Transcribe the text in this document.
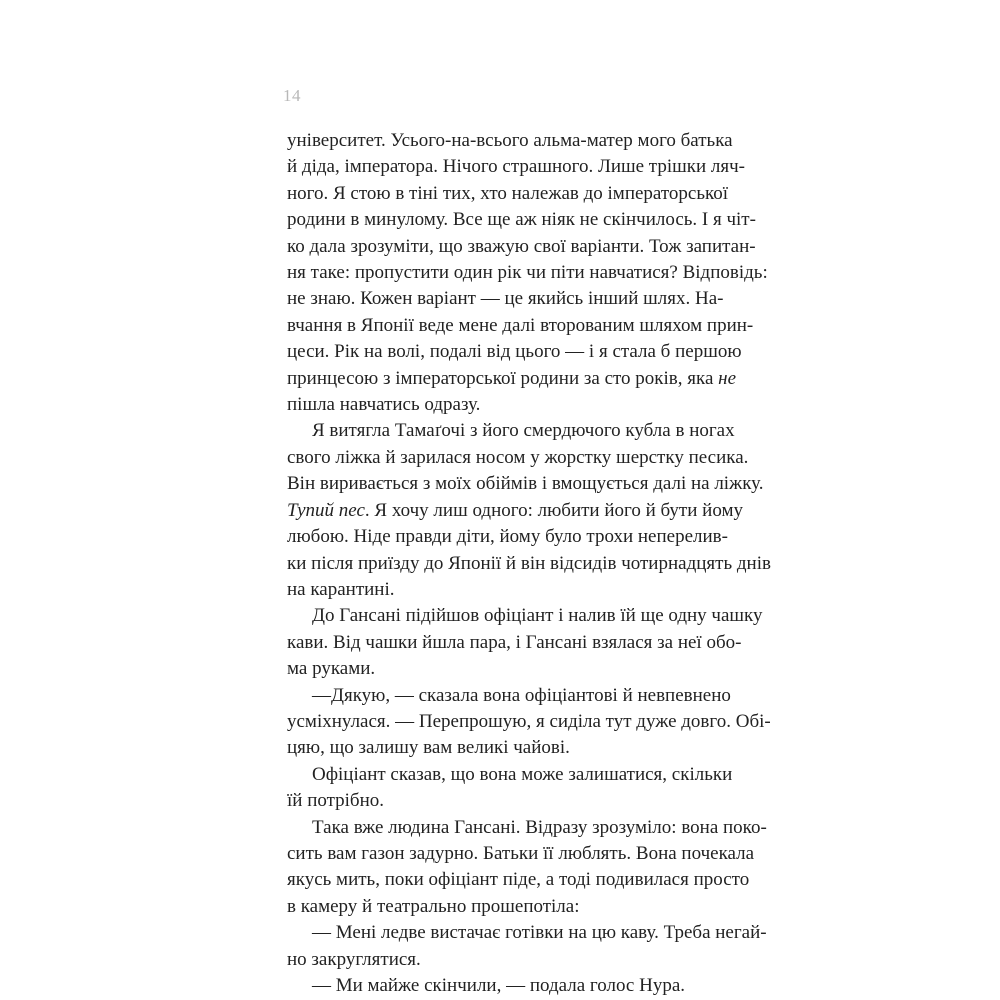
14
університет. Усього-на-всього альма-матер мого батька
й діда, імператора. Нічого страшного. Лише трішки ляч-
ного. Я стою в тіні тих, хто належав до імператорської
родини в минулому. Все ще аж ніяк не скінчилось. І я чіт-
ко дала зрозуміти, що зважую свої варіанти. Тож запитан-
ня таке: пропустити один рік чи піти навчатися? Відповідь:
не знаю. Кожен варіант — це якийсь інший шлях. На-
вчання в Японії веде мене далі второваним шляхом прин-
цеси. Рік на волі, подалі від цього — і я стала б першою
принцесою з імператорської родини за сто років, яка не
пішла навчатись одразу.
Я витягла Тамаґочі з його смердючого кубла в ногах
свого ліжка й зарилася носом у жорстку шерстку песика.
Він виривається з моїх обіймів і вмощується далі на ліжку.
Тупий пес. Я хочу лиш одного: любити його й бути йому
любою. Ніде правди діти, йому було трохи неперелив-
ки після приїзду до Японії й він відсидів чотирнадцять днів
на карантині.
До Гансані підійшов офіціант і налив їй ще одну чашку
кави. Від чашки йшла пара, і Гансані взялася за неї обо-
ма руками.
—Дякую, — сказала вона офіціантові й невпевнено
усміхнулася. — Перепрошую, я сиділа тут дуже довго. Обі-
цяю, що залишу вам великі чайові.
Офіціант сказав, що вона може залишатися, скільки
їй потрібно.
Така вже людина Гансані. Відразу зрозуміло: вона поко-
сить вам газон задурно. Батьки її люблять. Вона почекала
якусь мить, поки офіціант піде, а тоді подивилася просто
в камеру й театрально прошепотіла:
— Мені ледве вистачає готівки на цю каву. Треба негай-
но закруглятися.
— Ми майже скінчили, — подала голос Нура.
